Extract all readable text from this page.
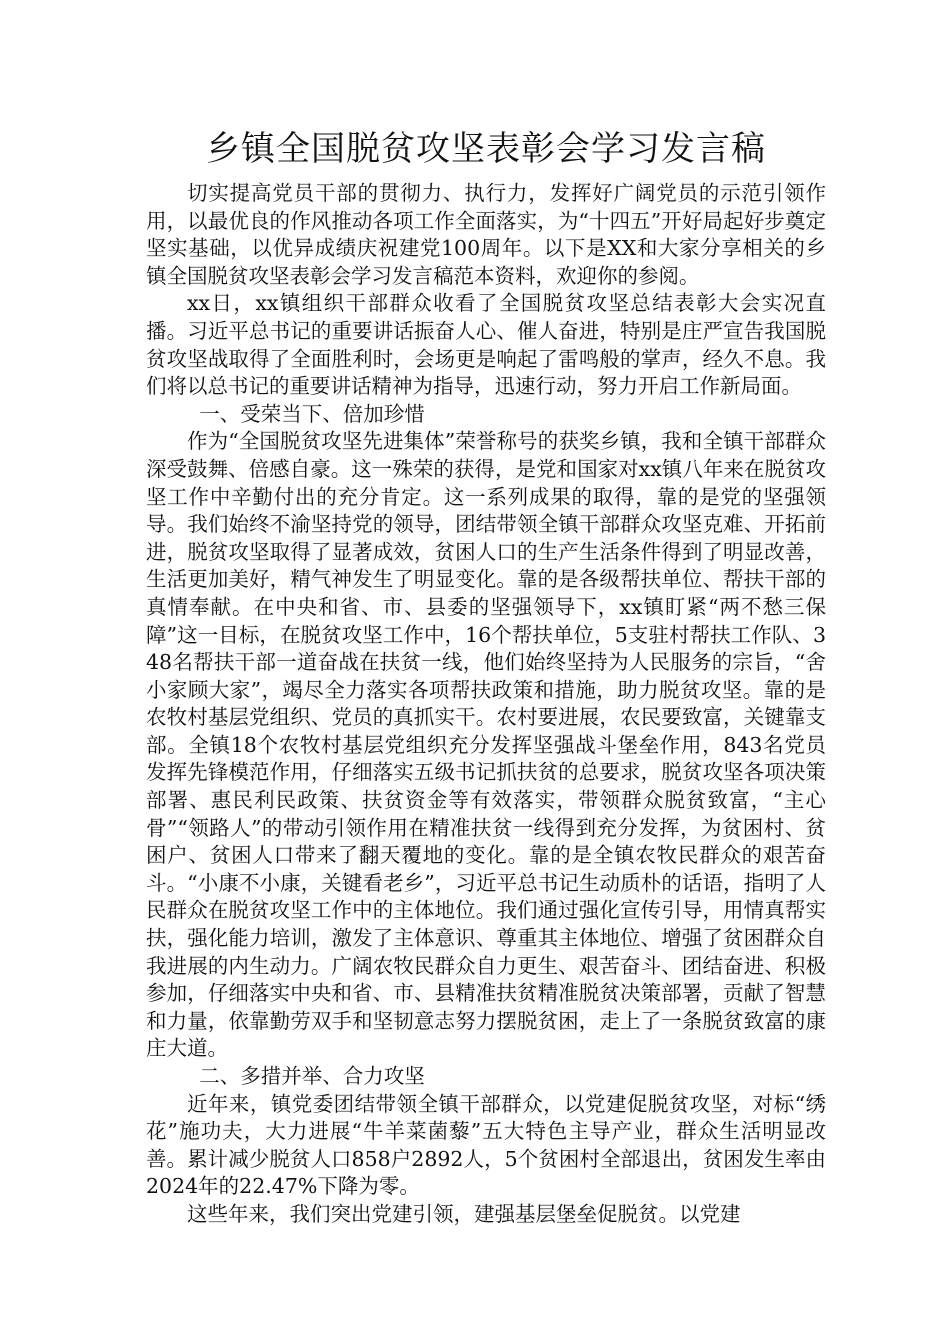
乡镇全国脱贫攻坚表彰会学习发言稿

切实提高党员干部的贯彻力、执行力，发挥好广阔党员的示范引领作用，以最优良的作风推动各项工作全面落实，为“十四五”开好局起好步奠定坚实基础，以优异成绩庆祝建党100周年。以下是XX和大家分享相关的乡镇全国脱贫攻坚表彰会学习发言稿范本资料，欢迎你的参阅。

xx日，xx镇组织干部群众收看了全国脱贫攻坚总结表彰大会实况直播。习近平总书记的重要讲话振奋人心、催人奋进，特别是庄严宣告我国脱贫攻坚战取得了全面胜利时，会场更是响起了雷鸣般的掌声，经久不息。我们将以总书记的重要讲话精神为指导，迅速行动，努力开启工作新局面。

一、受荣当下、倍加珍惜

作为“全国脱贫攻坚先进集体”荣誉称号的获奖乡镇，我和全镇干部群众深受鼓舞、倍感自豪。这一殊荣的获得，是党和国家对xx镇八年来在脱贫攻坚工作中辛勤付出的充分肯定。这一系列成果的取得，靠的是党的坚强领导。我们始终不渝坚持党的领导，团结带领全镇干部群众攻坚克难、开拓前进，脱贫攻坚取得了显著成效，贫困人口的生产生活条件得到了明显改善，生活更加美好，精气神发生了明显变化。靠的是各级帮扶单位、帮扶干部的真情奉献。在中央和省、市、县委的坚强领导下，xx镇盯紧“两不愁三保障”这一目标，在脱贫攻坚工作中，16个帮扶单位，5支驻村帮扶工作队、348名帮扶干部一道奋战在扶贫一线，他们始终坚持为人民服务的宗旨，“舍小家顾大家”，竭尽全力落实各项帮扶政策和措施，助力脱贫攻坚。靠的是农牧村基层党组织、党员的真抓实干。农村要进展，农民要致富，关键靠支部。全镇18个农牧村基层党组织充分发挥坚强战斗堡垒作用，843名党员发挥先锋模范作用，仔细落实五级书记抓扶贫的总要求，脱贫攻坚各项决策部署、惠民利民政策、扶贫资金等有效落实，带领群众脱贫致富，“主心骨”“领路人”的带动引领作用在精准扶贫一线得到充分发挥，为贫困村、贫困户、贫困人口带来了翻天覆地的变化。靠的是全镇农牧民群众的艰苦奋斗。“小康不小康，关键看老乡”，习近平总书记生动质朴的话语，指明了人民群众在脱贫攻坚工作中的主体地位。我们通过强化宣传引导，用情真帮实扶，强化能力培训，激发了主体意识、尊重其主体地位、增强了贫困群众自我进展的内生动力。广阔农牧民群众自力更生、艰苦奋斗、团结奋进、积极参加，仔细落实中央和省、市、县精准扶贫精准脱贫决策部署，贡献了智慧和力量，依靠勤劳双手和坚韧意志努力摆脱贫困，走上了一条脱贫致富的康庄大道。

二、多措并举、合力攻坚

近年来，镇党委团结带领全镇干部群众，以党建促脱贫攻坚，对标“绣花”施功夫，大力进展“牛羊菜菌藜”五大特色主导产业，群众生活明显改善。累计减少脱贫人口858户2892人，5个贫困村全部退出，贫困发生率由2024年的22.47%下降为零。

这些年来，我们突出党建引领，建强基层堡垒促脱贫。以党建
